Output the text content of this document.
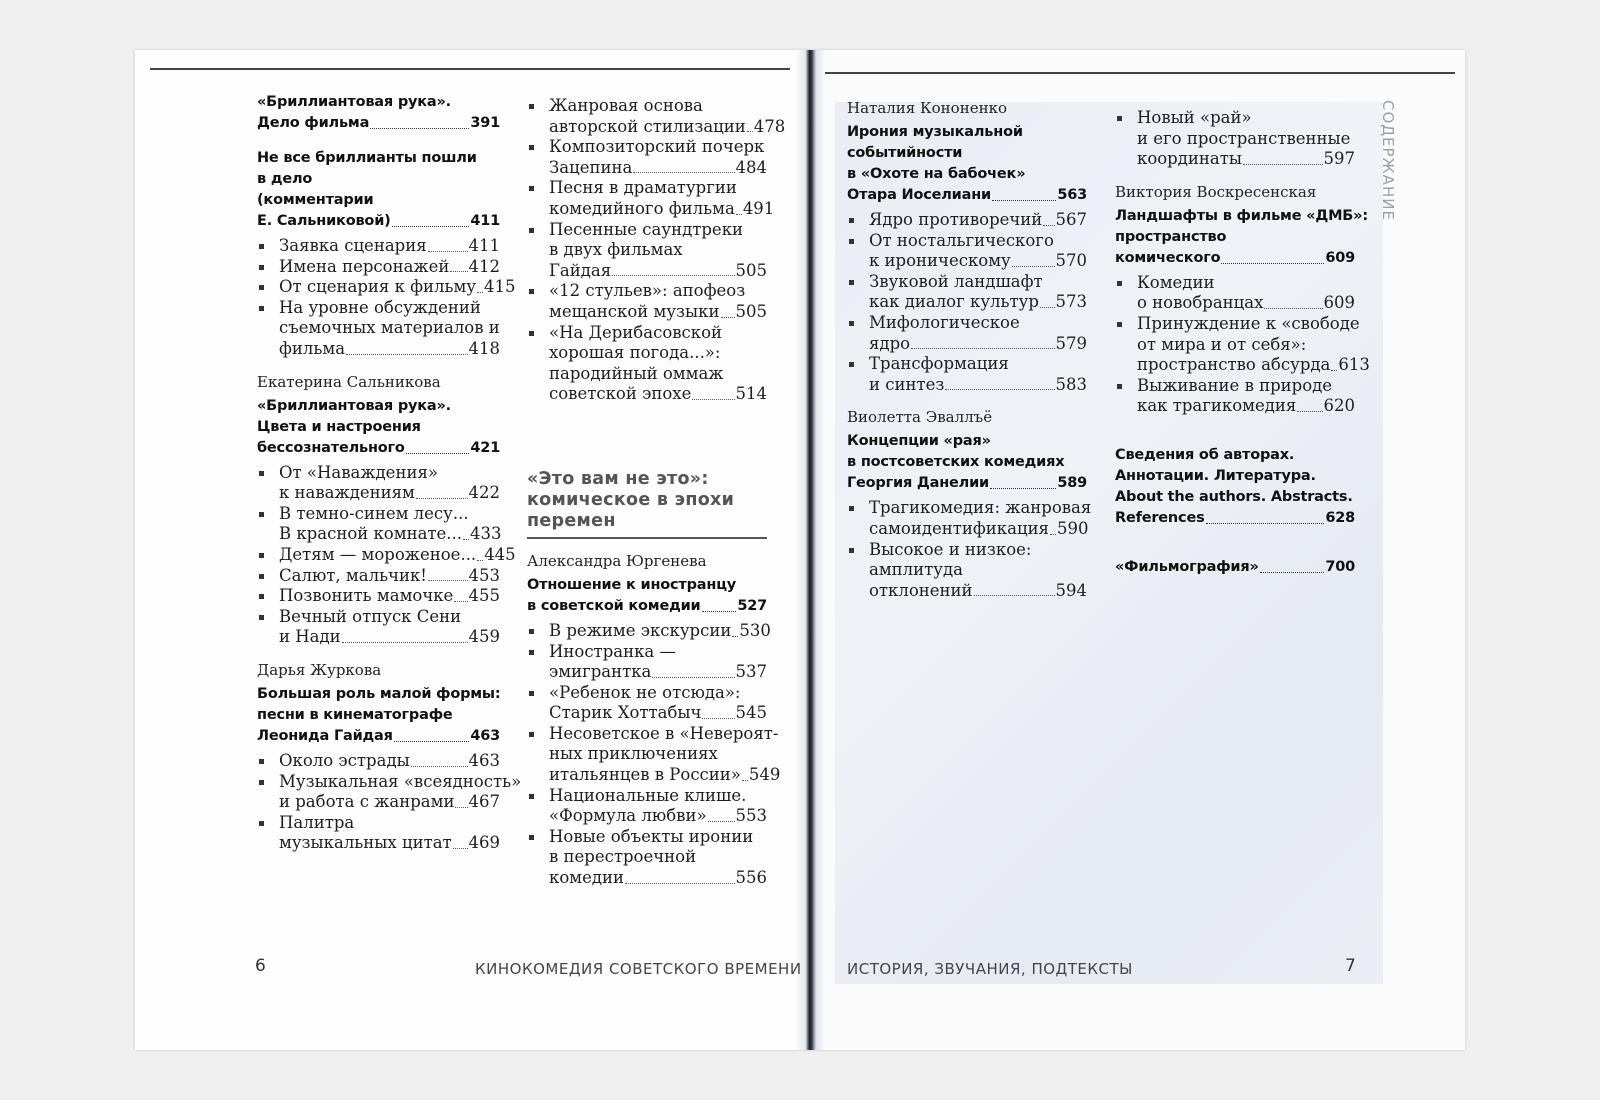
«Бриллиантовая рука».
Дело фильма	391
Не все бриллианты пошли
в дело
(комментарии
Е. Сальниковой)	411
Заявка сценария	411
Имена персонажей 412
От сценария к фильму 415
На уровне обсуждений
съемочных материалов и
фильма	418
Екатерина Сальникова
«Бриллиантовая рука».
Цвета и настроения
бессознательного	421
От «Наваждения»
к наваждениям	422
В темно-синем лесу...
В красной комнате... 433
Детям — мороженое... 445
Салют, мальчик!	453
Позвонить мамочке 455
Вечный отпуск Сени
и Нади	459
Дарья Журкова
Большая роль малой формы:
песни в кинематографе
Леонида Гайдая	463
Около эстрады	463
Музыкальная «всеядность»
и работа с жанрами 467
Палитра
музыкальных цитат 469
Жанровая основа
авторской стилизации 478
Композиторский почерк
Зацепина	484
Песня в драматургии
комедийного фильма 491
Песенные саундтреки
в двух фильмах
Гайдая	505
«12 стульев»: апофеоз
мещанской музыки 505
«На Дерибасовской
хорошая погода...»:
пародийный оммаж
советской эпохе	514
«Это вам не это»:
комическое в эпохи
перемен
Александра Юргенева
Отношение к иностранцу
в советской комедии	527
В режиме экскурсии 530
Иностранка —
эмигрантка	537
«Ребенок не отсюда»:
Старик Хоттабыч 545
Несоветское в «Невероят-
ных приключениях
итальянцев в России» 549
Национальные клише.
«Формула любви» 553
Новые объекты иронии
в перестроечной
комедии	556
Наталия Кононенко
Ирония музыкальной
событийности
в «Охоте на бабочек»
Отара Иоселиани	563
Ядро противоречий 567
От ностальгического
к ироническому	570
Звуковой ландшафт
как диалог культур 573
Мифологическое
ядро	579
Трансформация
и синтез	583
Виолетта Эваллъё
Концепции «рая»
в постсоветских комедиях
Георгия Данелии	589
Трагикомедия: жанровая
самоидентификация 590
Высокое и низкое:
амплитуда
отклонений	594
Новый «рай»
и его пространственные
координаты	597
Виктория Воскресенская
Ландшафты в фильме «ДМБ»:
пространство
комического	609
Комедии
о новобранцах	609
Принуждение к «свободе
от мира и от себя»:
пространство абсурда 613
Выживание в природе
как трагикомедия 620
Сведения об авторах.
Аннотации. Литература.
About the authors. Abstracts.
References	628
«Фильмография»	700
СОДЕРЖАНИЕ
6	КИНОКОМЕДИЯ СОВЕТСКОГО ВРЕМЕНИ	ИСТОРИЯ, ЗВУЧАНИЯ, ПОДТЕКСТЫ	7
